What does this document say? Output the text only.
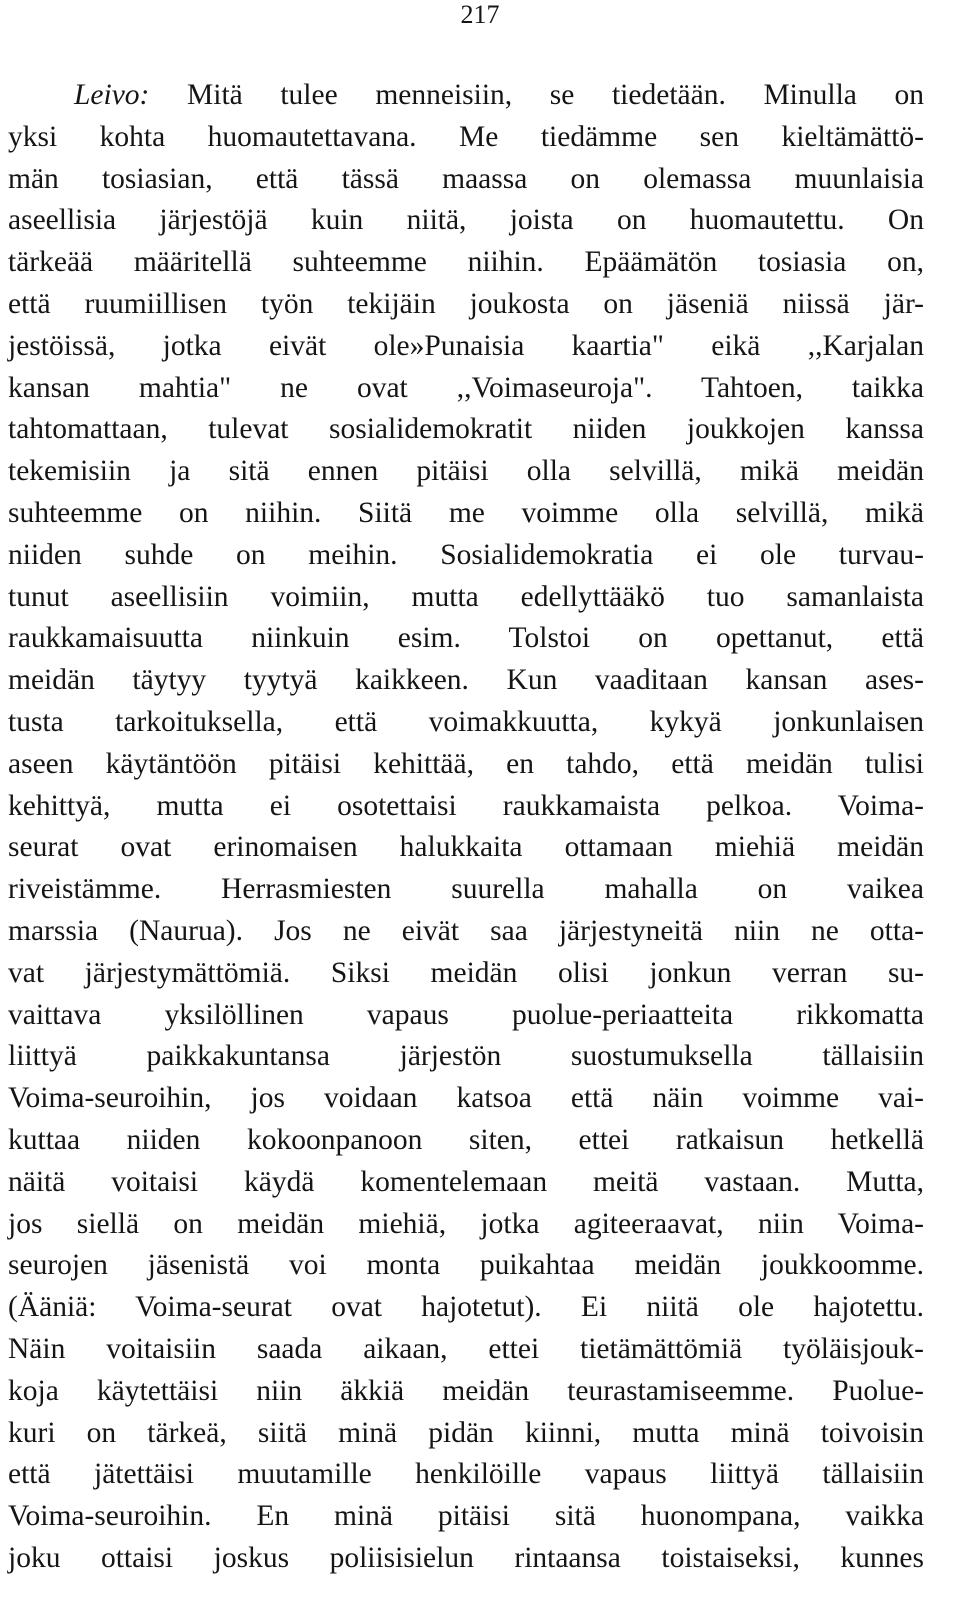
217
Leivo: Mitä tulee menneisiin, se tiedetään. Minulla on
yksi kohta huomautettavana. Me tiedämme sen kieltämättö-
män tosiasian, että tässä maassa on olemassa muunlaisia
aseellisia järjestöjä kuin niitä, joista on huomautettu. On
tärkeää määritellä suhteemme niihin. Epäämätön tosiasia on,
että ruumiillisen työn tekijäin joukosta on jäseniä niissä jär-
jestöissä, jotka eivät ole»Punaisia kaartia" eikä ,,Karjalan
kansan mahtia" ne ovat ,,Voimaseuroja". Tahtoen, taikka
tahtomattaan, tulevat sosialidemokratit niiden joukkojen kanssa
tekemisiin ja sitä ennen pitäisi olla selvillä, mikä meidän
suhteemme on niihin. Siitä me voimme olla selvillä, mikä
niiden suhde on meihin. Sosialidemokratia ei ole turvau-
tunut aseellisiin voimiin, mutta edellyttääkö tuo samanlaista
raukkamaisuutta niinkuin esim. Tolstoi on opettanut, että
meidän täytyy tyytyä kaikkeen. Kun vaaditaan kansan ases-
tusta tarkoituksella, että voimakkuutta, kykyä jonkunlaisen
aseen käytäntöön pitäisi kehittää, en tahdo, että meidän tulisi
kehittyä, mutta ei osotettaisi raukkamaista pelkoa. Voima-
seurat ovat erinomaisen halukkaita ottamaan miehiä meidän
riveistämme. Herrasmiesten suurella mahalla on vaikea
marssia (Naurua). Jos ne eivät saa järjestyneitä niin ne otta-
vat järjestymättömiä. Siksi meidän olisi jonkun verran su-
vaittava yksilöllinen vapaus puolue-periaatteita rikkomatta
liittyä paikkakuntansa järjestön suostumuksella tällaisiin
Voima-seuroihin, jos voidaan katsoa että näin voimme vai-
kuttaa niiden kokoonpanoon siten, ettei ratkaisun hetkellä
näitä voitaisi käydä komentelemaan meitä vastaan. Mutta,
jos siellä on meidän miehiä, jotka agiteeraavat, niin Voima-
seurojen jäsenistä voi monta puikahtaa meidän joukkoomme.
(Ääniä: Voima-seurat ovat hajotetut). Ei niitä ole hajotettu.
Näin voitaisiin saada aikaan, ettei tietämättömiä työläisjouk-
koja käytettäisi niin äkkiä meidän teurastamiseemme. Puolue-
kuri on tärkeä, siitä minä pidän kiinni, mutta minä toivoisin
että jätettäisi muutamille henkilöille vapaus liittyä tällaisiin
Voima-seuroihin. En minä pitäisi sitä huonompana, vaikka
joku ottaisi joskus poliisisielun rintaansa toistaiseksi, kunnes
